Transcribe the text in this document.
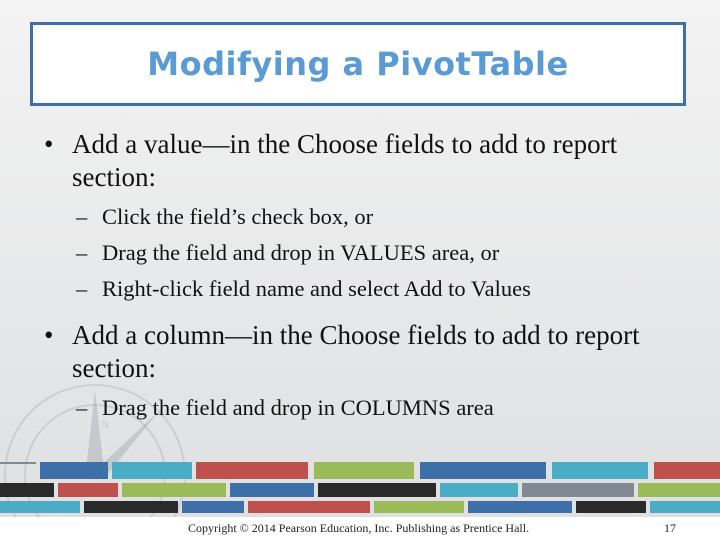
N
Modifying a PivotTable
• Add a value—in the Choose fields to add to report section:
– Click the field’s check box, or
– Drag the field and drop in VALUES area, or
– Right-click field name and select Add to Values
• Add a column—in the Choose fields to add to report section:
– Drag the field and drop in COLUMNS area
Copyright © 2014 Pearson Education, Inc. Publishing as Prentice Hall.	17
